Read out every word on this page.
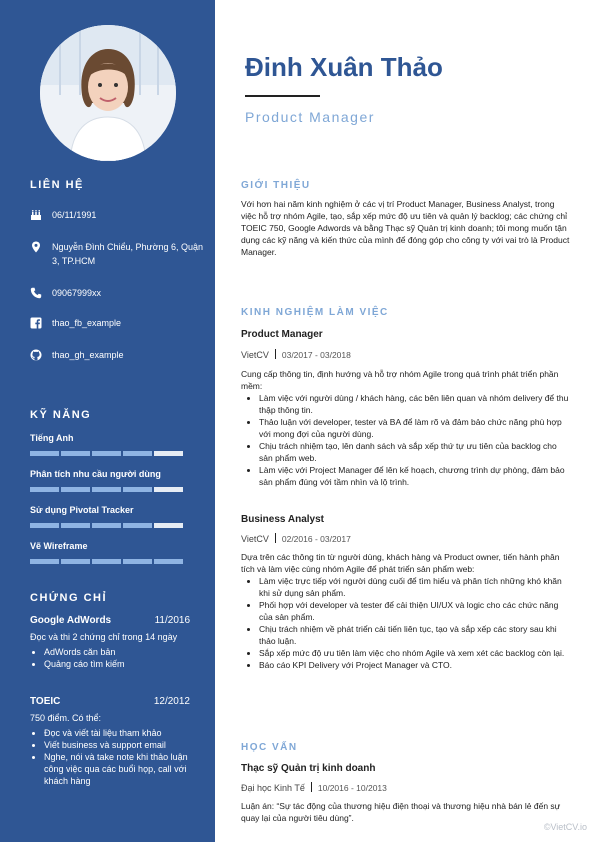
LIÊN HỆ
06/11/1991
Nguyễn Đình Chiểu, Phường 6, Quận 3, TP.HCM
09067999xx
thao_fb_example
thao_gh_example
KỸ NĂNG
Tiếng Anh
Phân tích nhu cầu người dùng
Sử dụng Pivotal Tracker
Vẽ Wireframe
CHỨNG CHỈ
Google AdWords	11/2016
Đọc và thi 2 chứng chỉ trong 14 ngày
• AdWords căn bản
• Quảng cáo tìm kiếm
TOEIC	12/2012
750 điểm. Có thể:
• Đọc và viết tài liệu tham khảo
• Viết business và support email
• Nghe, nói và take note khi thảo luận công việc qua các buổi họp, call với khách hàng
Đinh Xuân Thảo
Product Manager
GIỚI THIỆU
Với hơn hai năm kinh nghiệm ở các vị trí Product Manager, Business Analyst, trong việc hỗ trợ nhóm Agile, tạo, sắp xếp mức độ ưu tiên và quản lý backlog; các chứng chỉ TOEIC 750, Google Adwords và bằng Thạc sỹ Quản trị kinh doanh; tôi mong muốn tận dụng các kỹ năng và kiến thức của mình để đóng góp cho công ty với vai trò là Product Manager.
KINH NGHIỆM LÀM VIỆC
Product Manager
VietCV 03/2017 - 03/2018
Cung cấp thông tin, định hướng và hỗ trợ nhóm Agile trong quá trình phát triển phần mềm:
• Làm việc với người dùng / khách hàng, các bên liên quan và nhóm delivery để thu thập thông tin.
• Thảo luận với developer, tester và BA để làm rõ và đảm bảo chức năng phù hợp với mong đợi của người dùng.
• Chịu trách nhiệm tạo, lên danh sách và sắp xếp thứ tự ưu tiên của backlog cho sản phẩm web.
• Làm việc với Project Manager để lên kế hoạch, chương trình dự phòng, đảm bảo sản phẩm đúng với tầm nhìn và lộ trình.
Business Analyst
VietCV 02/2016 - 03/2017
Dựa trên các thông tin từ người dùng, khách hàng và Product owner, tiến hành phân tích và làm việc cùng nhóm Agile để phát triển sản phẩm web:
• Làm việc trực tiếp với người dùng cuối để tìm hiểu và phân tích những khó khăn khi sử dụng sản phẩm.
• Phối hợp với developer và tester để cải thiện UI/UX và logic cho các chức năng của sản phẩm.
• Chịu trách nhiệm về phát triển cải tiến liên tục, tạo và sắp xếp các story sau khi thảo luận.
• Sắp xếp mức độ ưu tiên làm việc cho nhóm Agile và xem xét các backlog còn lại.
• Báo cáo KPI Delivery với Project Manager và CTO.
HỌC VẤN
Thạc sỹ Quản trị kinh doanh
Đại học Kinh Tế 10/2016 - 10/2013
Luận án: “Sự tác động của thương hiệu điện thoại và thương hiệu nhà bán lẻ đến sự quay lại của người tiêu dùng”.
©VietCV.io
